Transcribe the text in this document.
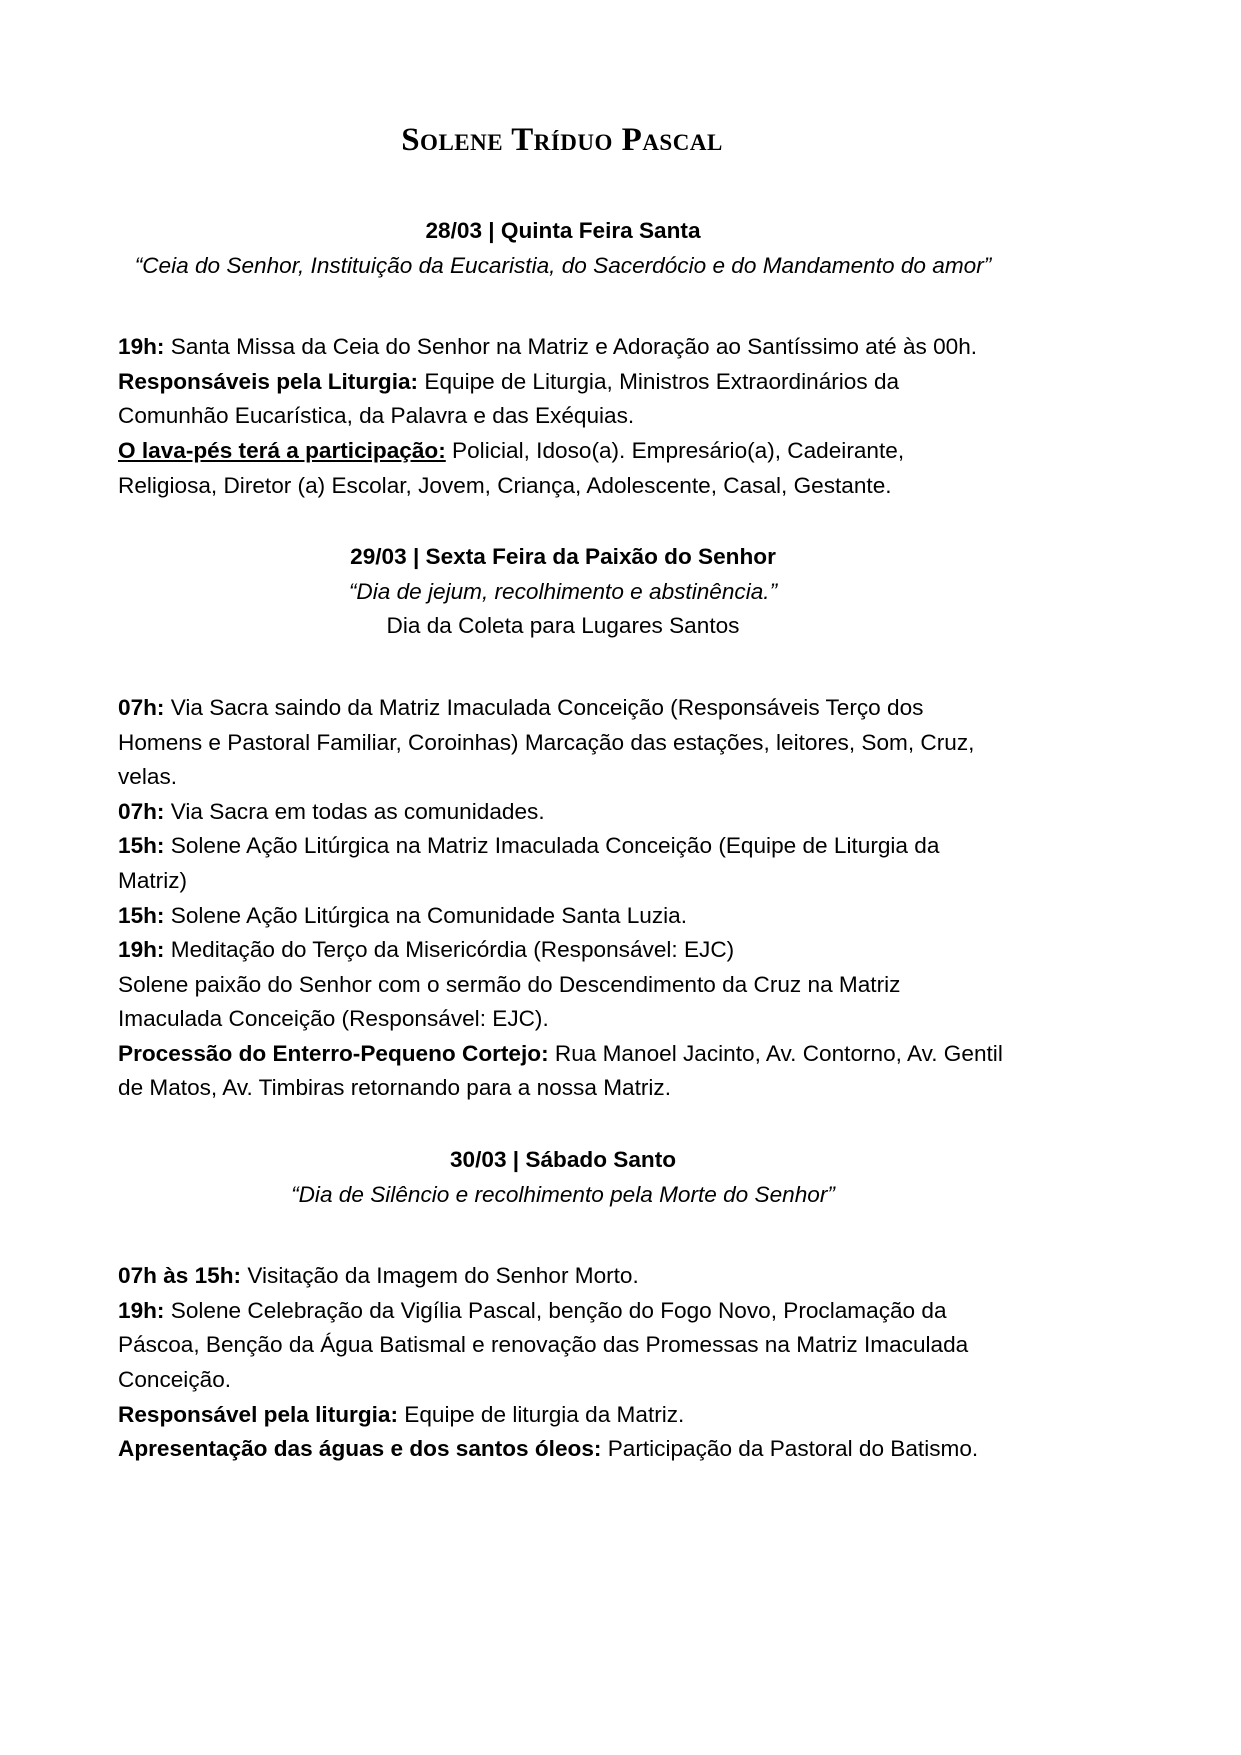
Solene Tríduo Pascal

28/03 | Quinta Feira Santa

“Ceia do Senhor, Instituição da Eucaristia, do Sacerdócio e do Mandamento do amor”

19h: Santa Missa da Ceia do Senhor na Matriz e Adoração ao Santíssimo até às 00h.

Responsáveis pela Liturgia: Equipe de Liturgia, Ministros Extraordinários da Comunhão Eucarística, da Palavra e das Exéquias.

O lava-pés terá a participação: Policial, Idoso(a). Empresário(a), Cadeirante, Religiosa, Diretor (a) Escolar, Jovem, Criança, Adolescente, Casal, Gestante.

29/03 | Sexta Feira da Paixão do Senhor

“Dia de jejum, recolhimento e abstinência.”

Dia da Coleta para Lugares Santos

07h: Via Sacra saindo da Matriz Imaculada Conceição (Responsáveis Terço dos Homens e Pastoral Familiar, Coroinhas) Marcação das estações, leitores, Som, Cruz, velas.

07h: Via Sacra em todas as comunidades.

15h: Solene Ação Litúrgica na Matriz Imaculada Conceição (Equipe de Liturgia da Matriz)

15h: Solene Ação Litúrgica na Comunidade Santa Luzia.

19h: Meditação do Terço da Misericórdia (Responsável: EJC)

Solene paixão do Senhor com o sermão do Descendimento da Cruz na Matriz Imaculada Conceição (Responsável: EJC).

Processão do Enterro-Pequeno Cortejo: Rua Manoel Jacinto, Av. Contorno, Av. Gentil de Matos, Av. Timbiras retornando para a nossa Matriz.

30/03 | Sábado Santo

“Dia de Silêncio e recolhimento pela Morte do Senhor”

07h às 15h: Visitação da Imagem do Senhor Morto.

19h: Solene Celebração da Vigília Pascal, benção do Fogo Novo, Proclamação da Páscoa, Benção da Água Batismal e renovação das Promessas na Matriz Imaculada Conceição.

Responsável pela liturgia: Equipe de liturgia da Matriz.

Apresentação das águas e dos santos óleos: Participação da Pastoral do Batismo.
